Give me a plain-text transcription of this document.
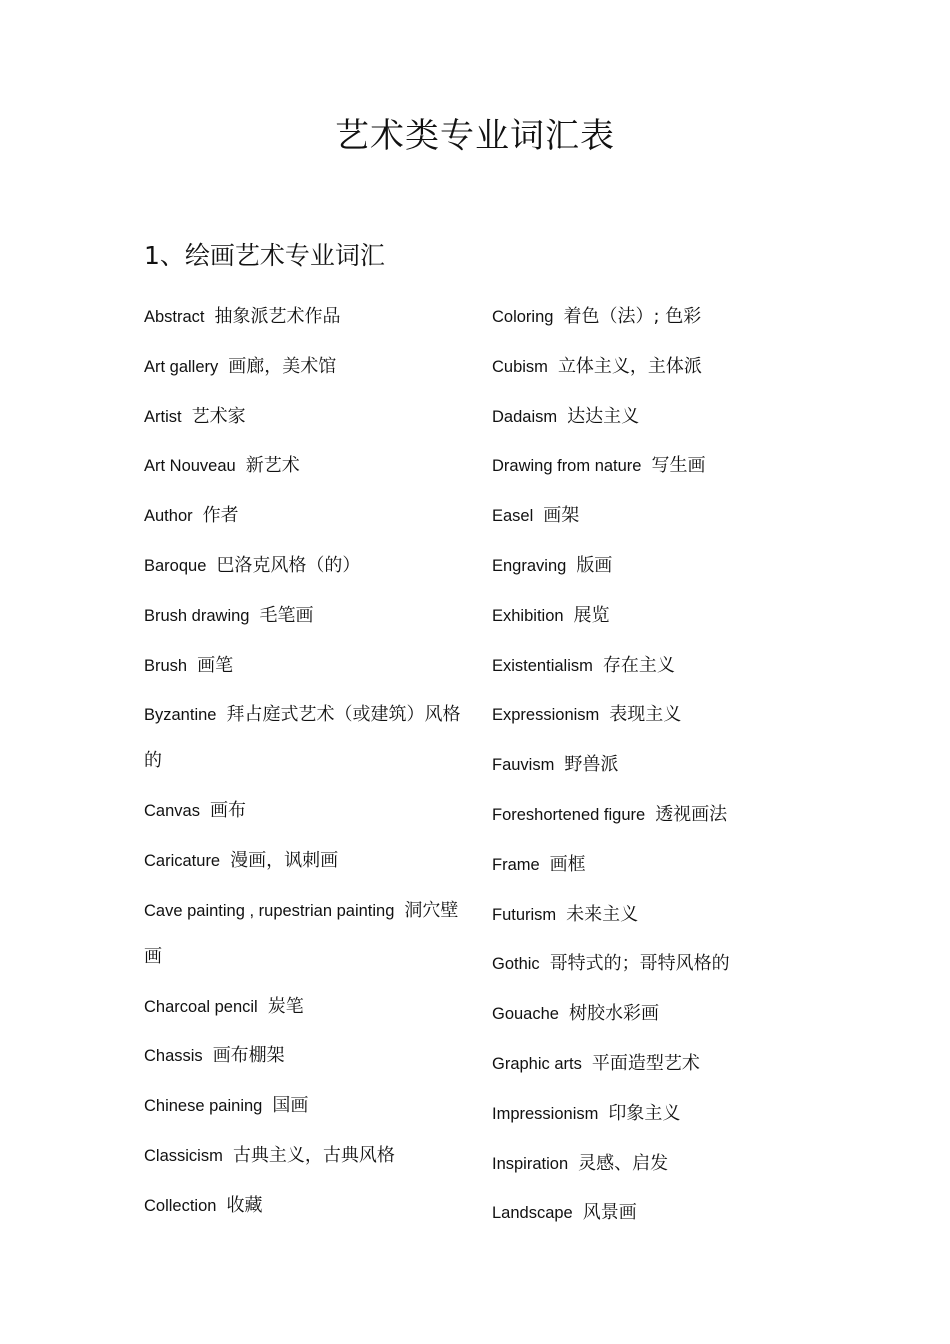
艺术类专业词汇表
1、绘画艺术专业词汇
Abstract 抽象派艺术作品
Art gallery 画廊，美术馆
Artist 艺术家
Art Nouveau 新艺术
Author 作者
Baroque 巴洛克风格（的）
Brush drawing 毛笔画
Brush 画笔
Byzantine 拜占庭式艺术（或建筑）风格的
Canvas 画布
Caricature 漫画，讽刺画
Cave painting , rupestrian painting 洞穴壁画
Charcoal pencil 炭笔
Chassis 画布棚架
Chinese paining 国画
Classicism 古典主义，古典风格
Collection 收藏
Coloring 着色（法）; 色彩
Cubism 立体主义，主体派
Dadaism 达达主义
Drawing from nature 写生画
Easel 画架
Engraving 版画
Exhibition 展览
Existentialism 存在主义
Expressionism 表现主义
Fauvism 野兽派
Foreshortened figure 透视画法
Frame 画框
Futurism 未来主义
Gothic 哥特式的；哥特风格的
Gouache 树胶水彩画
Graphic arts 平面造型艺术
Impressionism 印象主义
Inspiration 灵感、启发
Landscape 风景画
